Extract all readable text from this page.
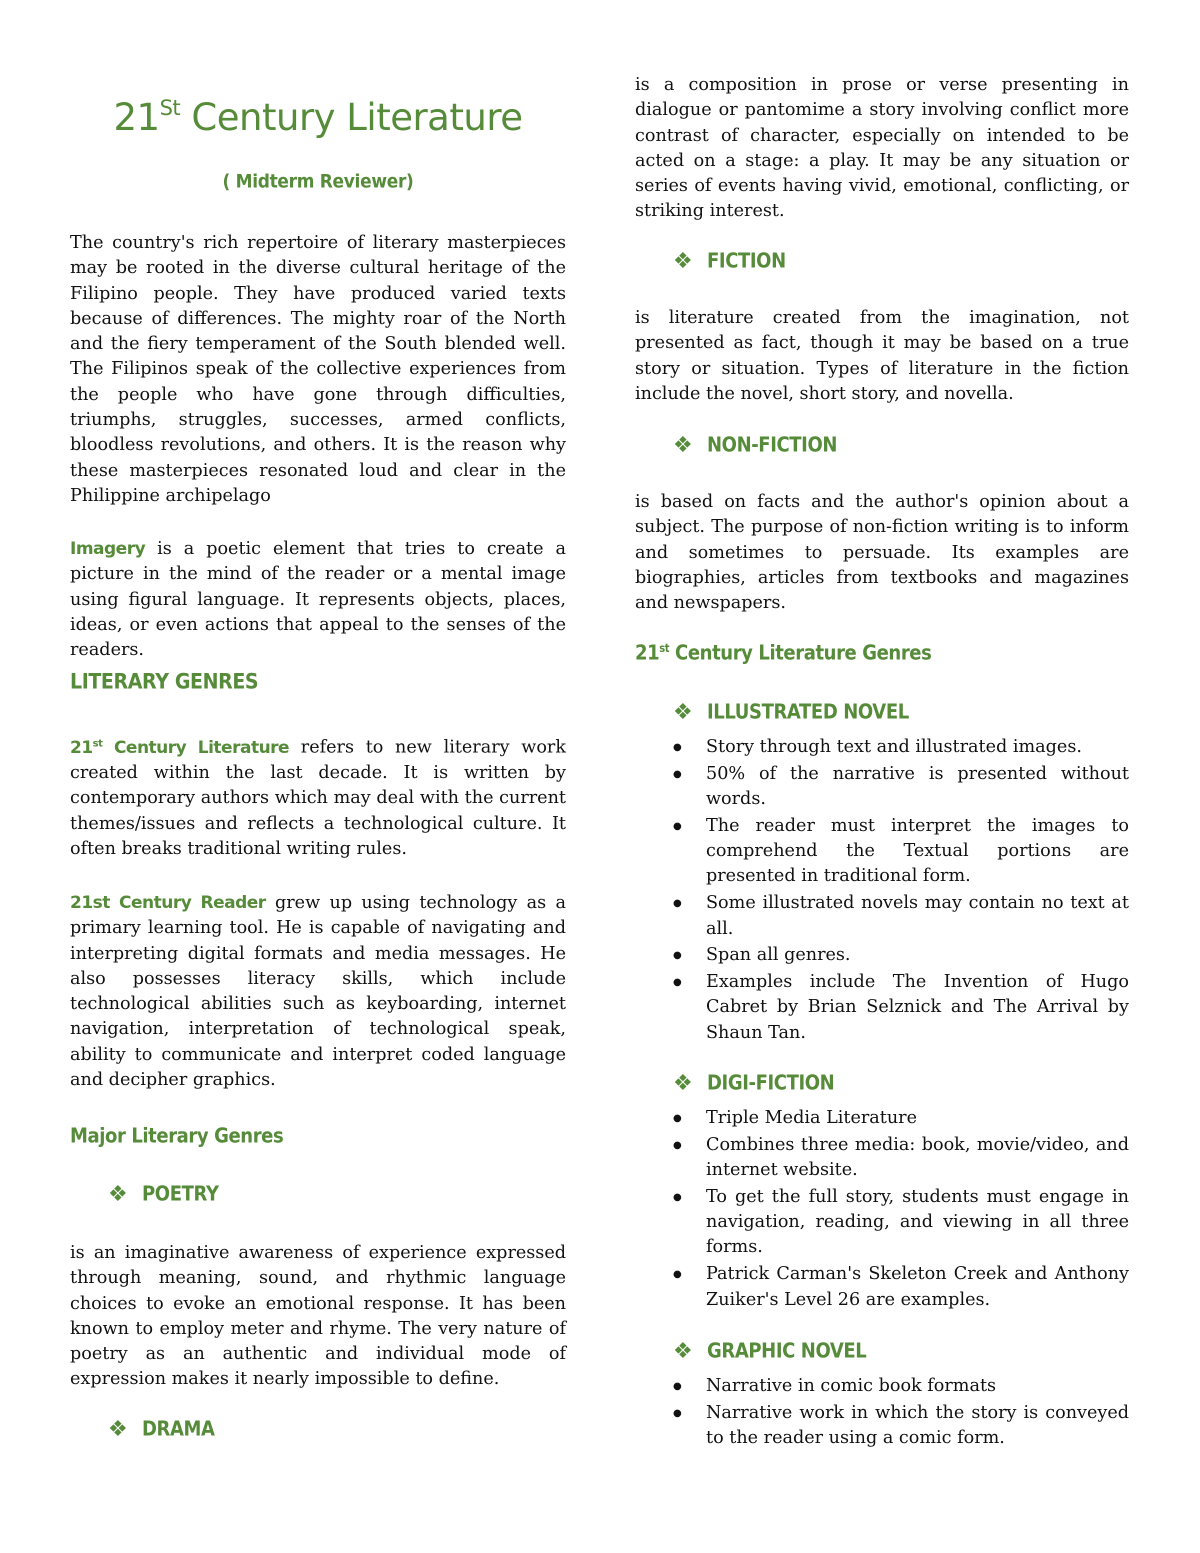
21St Century Literature
( Midterm Reviewer)

The country's rich repertoire of literary masterpieces may be rooted in the diverse cultural heritage of the Filipino people. They have produced varied texts because of differences. The mighty roar of the North and the fiery temperament of the South blended well. The Filipinos speak of the collective experiences from the people who have gone through difficulties, triumphs, struggles, successes, armed conflicts, bloodless revolutions, and others. It is the reason why these masterpieces resonated loud and clear in the Philippine archipelago

Imagery is a poetic element that tries to create a picture in the mind of the reader or a mental image using figural language. It represents objects, places, ideas, or even actions that appeal to the senses of the readers.

LITERARY GENRES

21st Century Literature refers to new literary work created within the last decade. It is written by contemporary authors which may deal with the current themes/issues and reflects a technological culture. It often breaks traditional writing rules.

21st Century Reader grew up using technology as a primary learning tool. He is capable of navigating and interpreting digital formats and media messages. He also possesses literacy skills, which include technological abilities such as keyboarding, internet navigation, interpretation of technological speak, ability to communicate and interpret coded language and decipher graphics.

Major Literary Genres
❖ POETRY

is an imaginative awareness of experience expressed through meaning, sound, and rhythmic language choices to evoke an emotional response. It has been known to employ meter and rhyme. The very nature of poetry as an authentic and individual mode of expression makes it nearly impossible to define.

❖ DRAMA

is a composition in prose or verse presenting in dialogue or pantomime a story involving conflict more contrast of character, especially on intended to be acted on a stage: a play. It may be any situation or series of events having vivid, emotional, conflicting, or striking interest.

❖ FICTION

is literature created from the imagination, not presented as fact, though it may be based on a true story or situation. Types of literature in the fiction include the novel, short story, and novella.

❖ NON-FICTION

is based on facts and the author's opinion about a subject. The purpose of non-fiction writing is to inform and sometimes to persuade. Its examples are biographies, articles from textbooks and magazines and newspapers.

21st Century Literature Genres
❖ ILLUSTRATED NOVEL
● Story through text and illustrated images.
● 50% of the narrative is presented without words.
● The reader must interpret the images to comprehend the Textual portions are presented in traditional form.
● Some illustrated novels may contain no text at all.
● Span all genres.
● Examples include The Invention of Hugo Cabret by Brian Selznick and The Arrival by Shaun Tan.
❖ DIGI-FICTION
● Triple Media Literature
● Combines three media: book, movie/video, and internet website.
● To get the full story, students must engage in navigation, reading, and viewing in all three forms.
● Patrick Carman's Skeleton Creek and Anthony Zuiker's Level 26 are examples.
❖ GRAPHIC NOVEL
● Narrative in comic book formats
● Narrative work in which the story is conveyed to the reader using a comic form.
